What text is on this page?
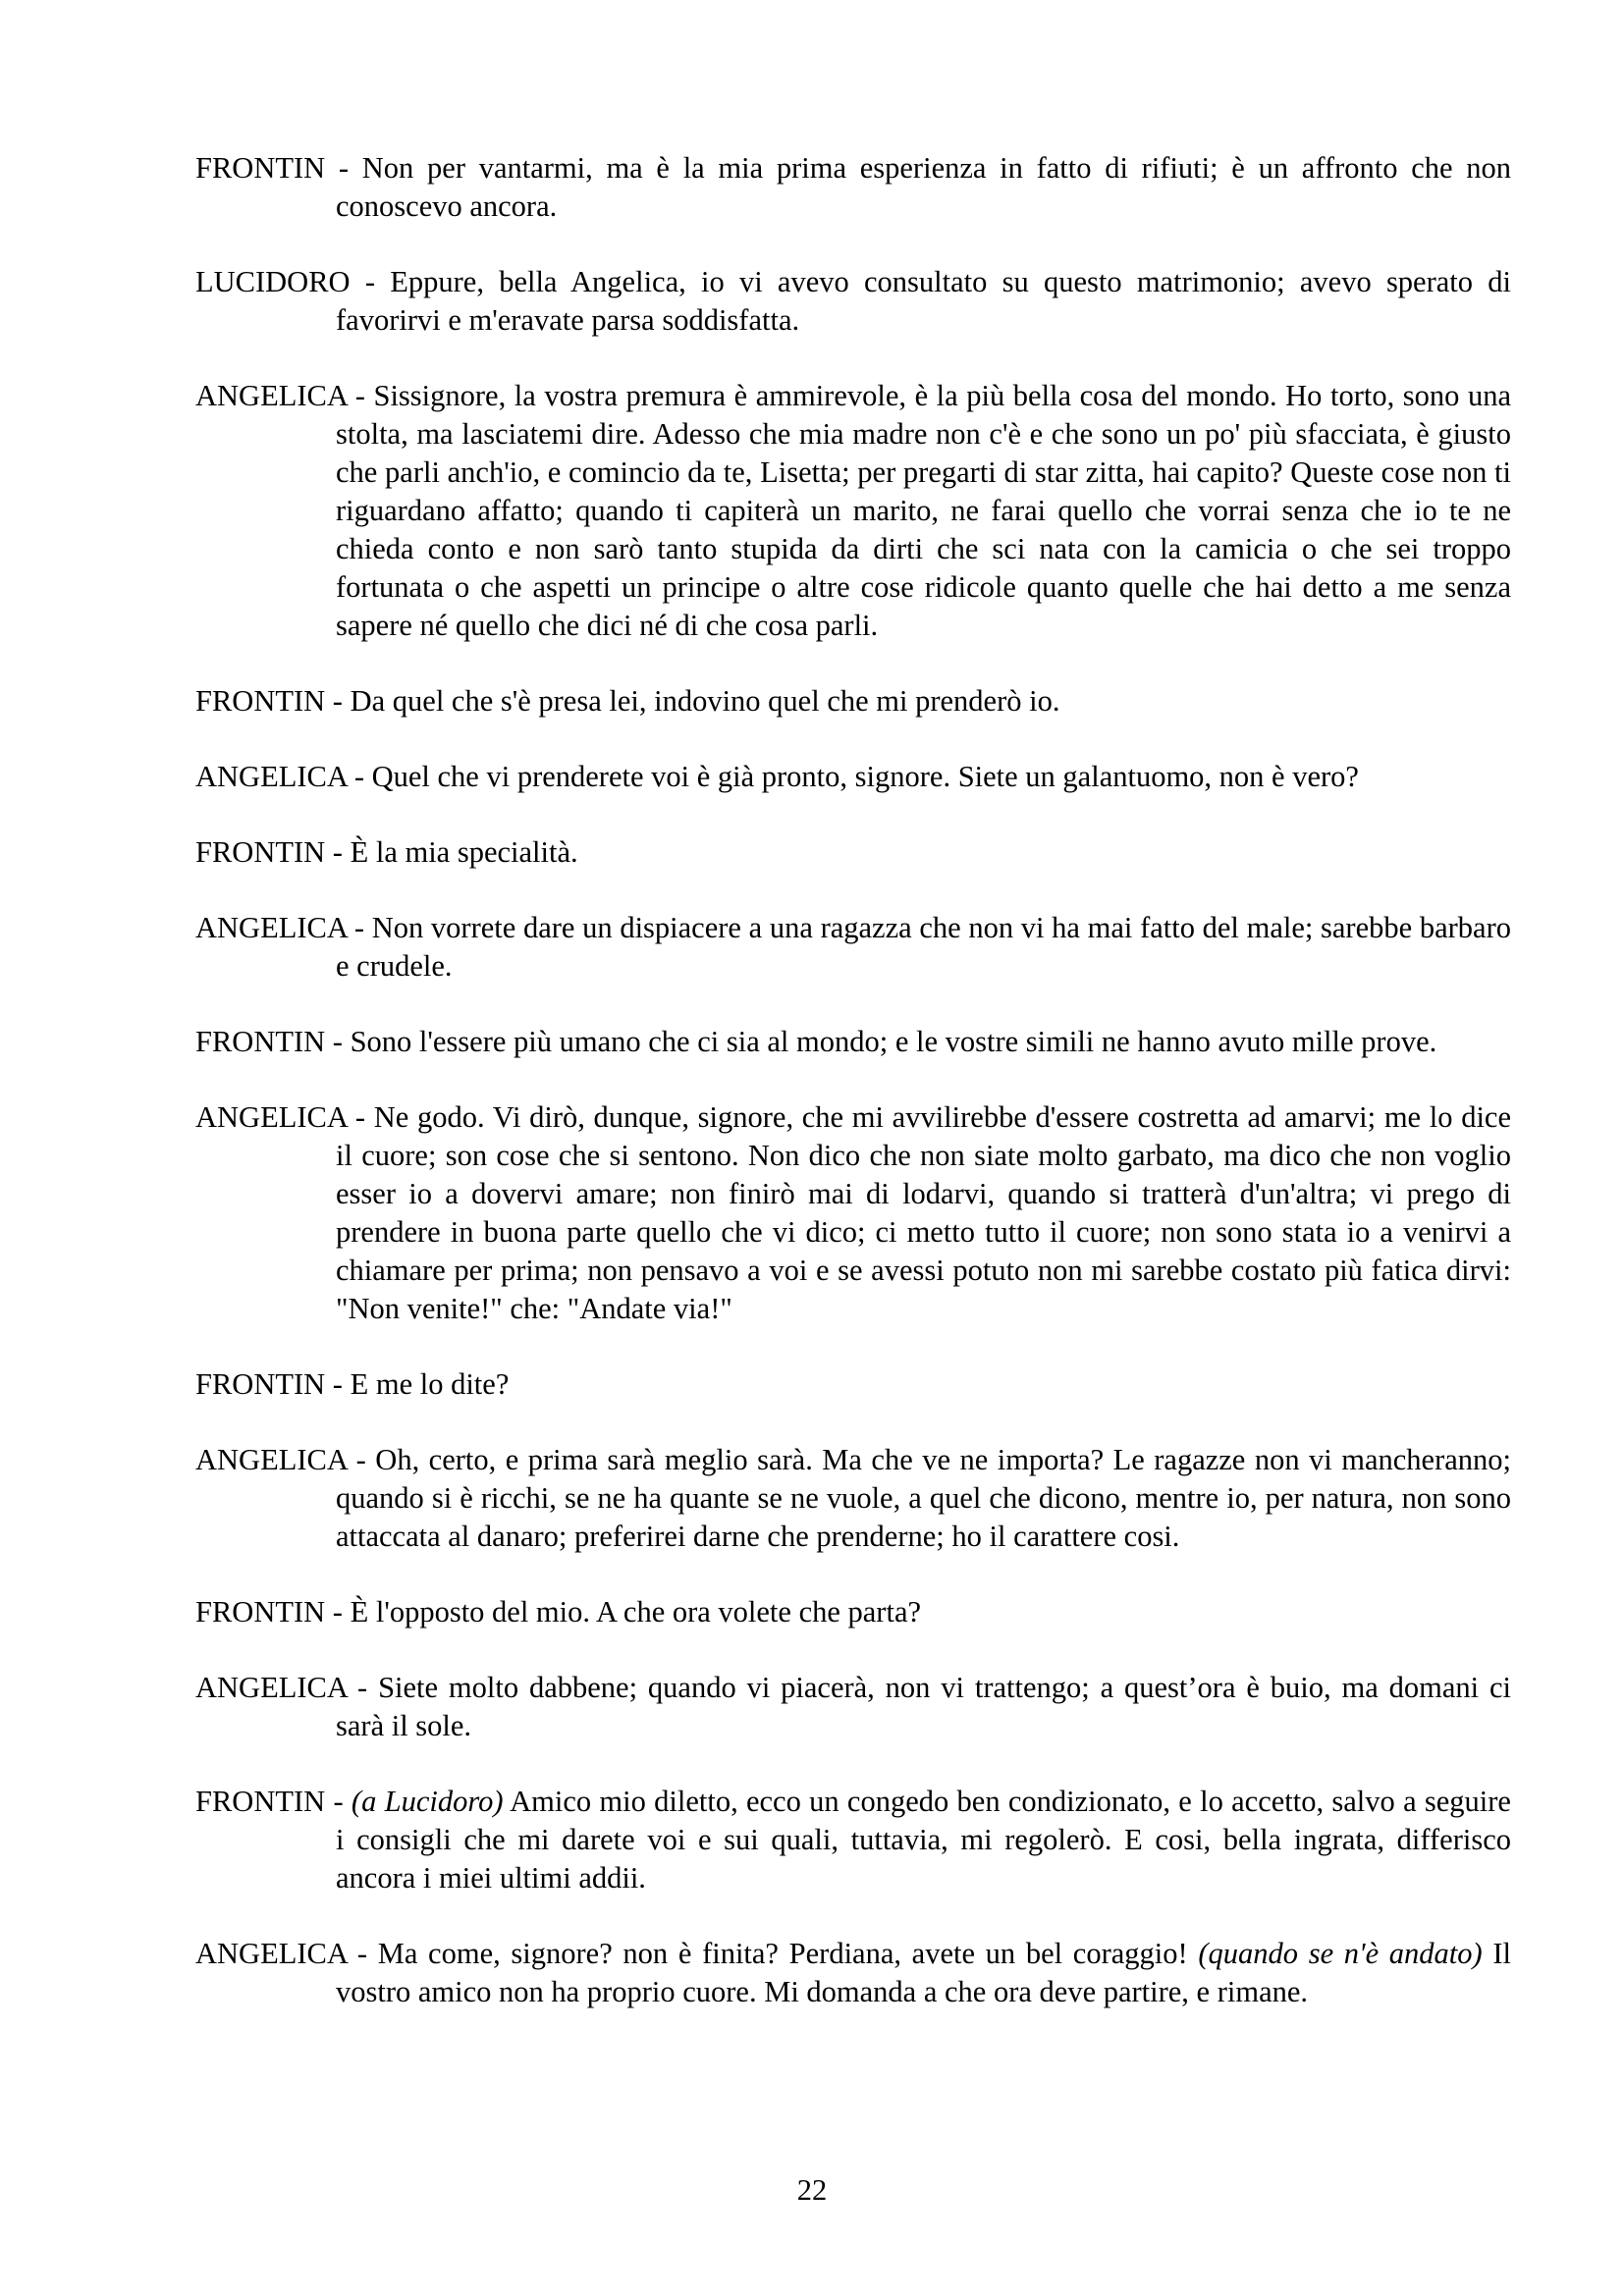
FRONTIN - Non per vantarmi, ma è la mia prima esperienza in fatto di rifiuti; è un affronto che non conoscevo ancora.

LUCIDORO - Eppure, bella Angelica, io vi avevo consultato su questo matrimonio; avevo sperato di favorirvi e m'eravate parsa soddisfatta.

ANGELICA - Sissignore, la vostra premura è ammirevole, è la più bella cosa del mondo. Ho torto, sono una stolta, ma lasciatemi dire. Adesso che mia madre non c'è e che sono un po' più sfacciata, è giusto che parli anch'io, e comincio da te, Lisetta; per pregarti di star zitta, hai capito? Queste cose non ti riguardano affatto; quando ti capiterà un marito, ne farai quello che vorrai senza che io te ne chieda conto e non sarò tanto stupida da dirti che sci nata con la camicia o che sei troppo fortunata o che aspetti un principe o altre cose ridicole quanto quelle che hai detto a me senza sapere né quello che dici né di che cosa parli.

FRONTIN - Da quel che s'è presa lei, indovino quel che mi prenderò io.

ANGELICA - Quel che vi prenderete voi è già pronto, signore. Siete un galantuomo, non è vero?

FRONTIN - È la mia specialità.

ANGELICA - Non vorrete dare un dispiacere a una ragazza che non vi ha mai fatto del male; sarebbe barbaro e crudele.

FRONTIN - Sono l'essere più umano che ci sia al mondo; e le vostre simili ne hanno avuto mille prove.

ANGELICA - Ne godo. Vi dirò, dunque, signore, che mi avvilirebbe d'essere costretta ad amarvi; me lo dice il cuore; son cose che si sentono. Non dico che non siate molto garbato, ma dico che non voglio esser io a dovervi amare; non finirò mai di lodarvi, quando si tratterà d'un'altra; vi prego di prendere in buona parte quello che vi dico; ci metto tutto il cuore; non sono stata io a venirvi a chiamare per prima; non pensavo a voi e se avessi potuto non mi sarebbe costato più fatica dirvi: "Non venite!" che: "Andate via!"

FRONTIN - E me lo dite?

ANGELICA - Oh, certo, e prima sarà meglio sarà. Ma che ve ne importa? Le ragazze non vi mancheranno; quando si è ricchi, se ne ha quante se ne vuole, a quel che dicono, mentre io, per natura, non sono attaccata al danaro; preferirei darne che prenderne; ho il carattere cosi.

FRONTIN - È l'opposto del mio. A che ora volete che parta?

ANGELICA - Siete molto dabbene; quando vi piacerà, non vi trattengo; a quest’ora è buio, ma domani ci sarà il sole.

FRONTIN - (a Lucidoro) Amico mio diletto, ecco un congedo ben condizionato, e lo accetto, salvo a seguire i consigli che mi darete voi e sui quali, tuttavia, mi regolerò. E cosi, bella ingrata, differisco ancora i miei ultimi addii.

ANGELICA - Ma come, signore? non è finita? Perdiana, avete un bel coraggio! (quando se n'è andato) Il vostro amico non ha proprio cuore. Mi domanda a che ora deve partire, e rimane.

22
